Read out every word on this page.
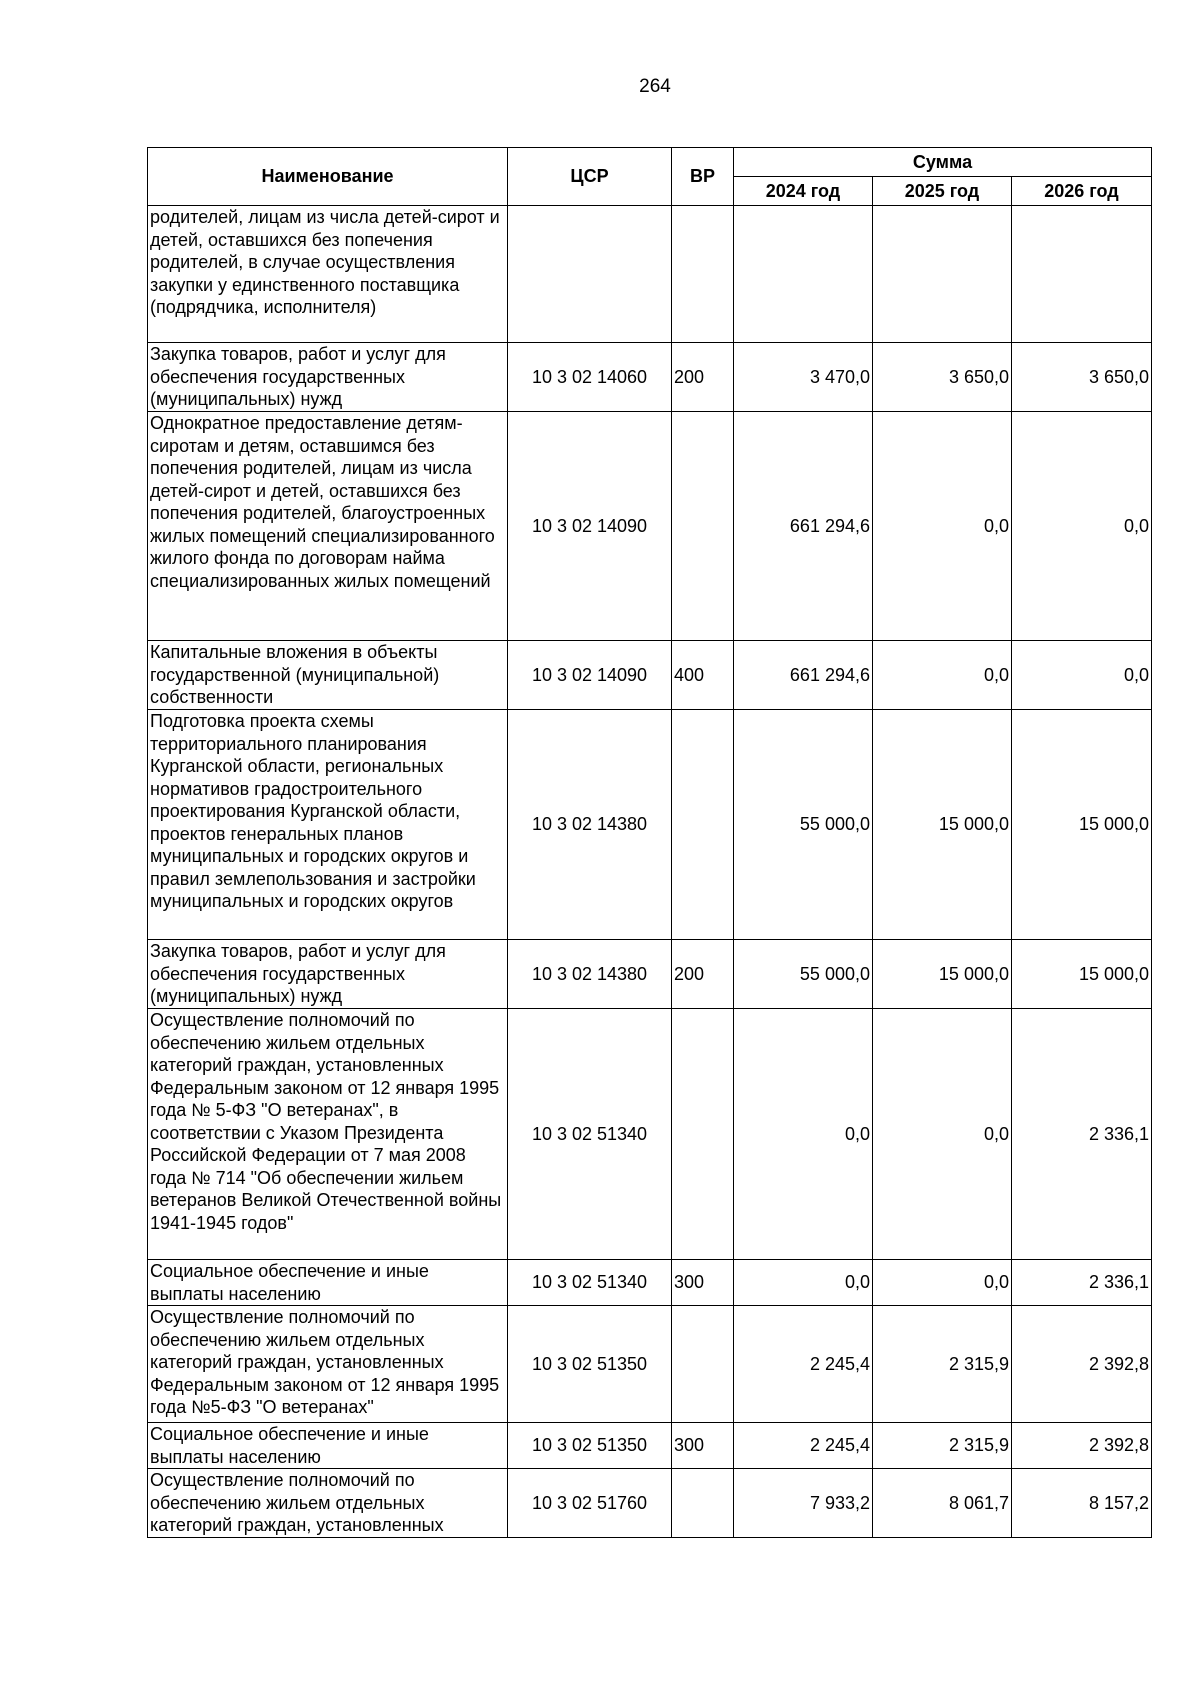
264
Наименование	ЦСР	ВР	Сумма		
			2024 год	2025 год	2026 год
родителей, лицам из числа детей-сирот и детей, оставшихся без попечения родителей, в случае осуществления закупки у единственного поставщика (подрядчика, исполнителя)					
Закупка товаров, работ и услуг для обеспечения государственных (муниципальных) нужд	10 3 02 14060	200	3 470,0	3 650,0	3 650,0
Однократное предоставление детям-сиротам и детям, оставшимся без попечения родителей, лицам из числа детей-сирот и детей, оставшихся без попечения родителей, благоустроенных жилых помещений специализированного жилого фонда по договорам найма специализированных жилых помещений	10 3 02 14090		661 294,6	0,0	0,0
Капитальные вложения в объекты государственной (муниципальной) собственности	10 3 02 14090	400	661 294,6	0,0	0,0
Подготовка проекта схемы территориального планирования Курганской области, региональных нормативов градостроительного проектирования Курганской области, проектов генеральных планов муниципальных и городских округов и правил землепользования и застройки муниципальных и городских округов	10 3 02 14380		55 000,0	15 000,0	15 000,0
Закупка товаров, работ и услуг для обеспечения государственных (муниципальных) нужд	10 3 02 14380	200	55 000,0	15 000,0	15 000,0
Осуществление полномочий по обеспечению жильем отдельных категорий граждан, установленных Федеральным законом от 12 января 1995 года № 5-ФЗ "О ветеранах", в соответствии с Указом Президента Российской Федерации от 7 мая 2008 года № 714 "Об обеспечении жильем ветеранов Великой Отечественной войны 1941-1945 годов"	10 3 02 51340		0,0	0,0	2 336,1
Социальное обеспечение и иные выплаты населению	10 3 02 51340	300	0,0	0,0	2 336,1
Осуществление полномочий по обеспечению жильем отдельных категорий граждан, установленных Федеральным законом от 12 января 1995 года №5-ФЗ "О ветеранах"	10 3 02 51350		2 245,4	2 315,9	2 392,8
Социальное обеспечение и иные выплаты населению	10 3 02 51350	300	2 245,4	2 315,9	2 392,8
Осуществление полномочий по обеспечению жильем отдельных категорий граждан, установленных	10 3 02 51760		7 933,2	8 061,7	8 157,2
